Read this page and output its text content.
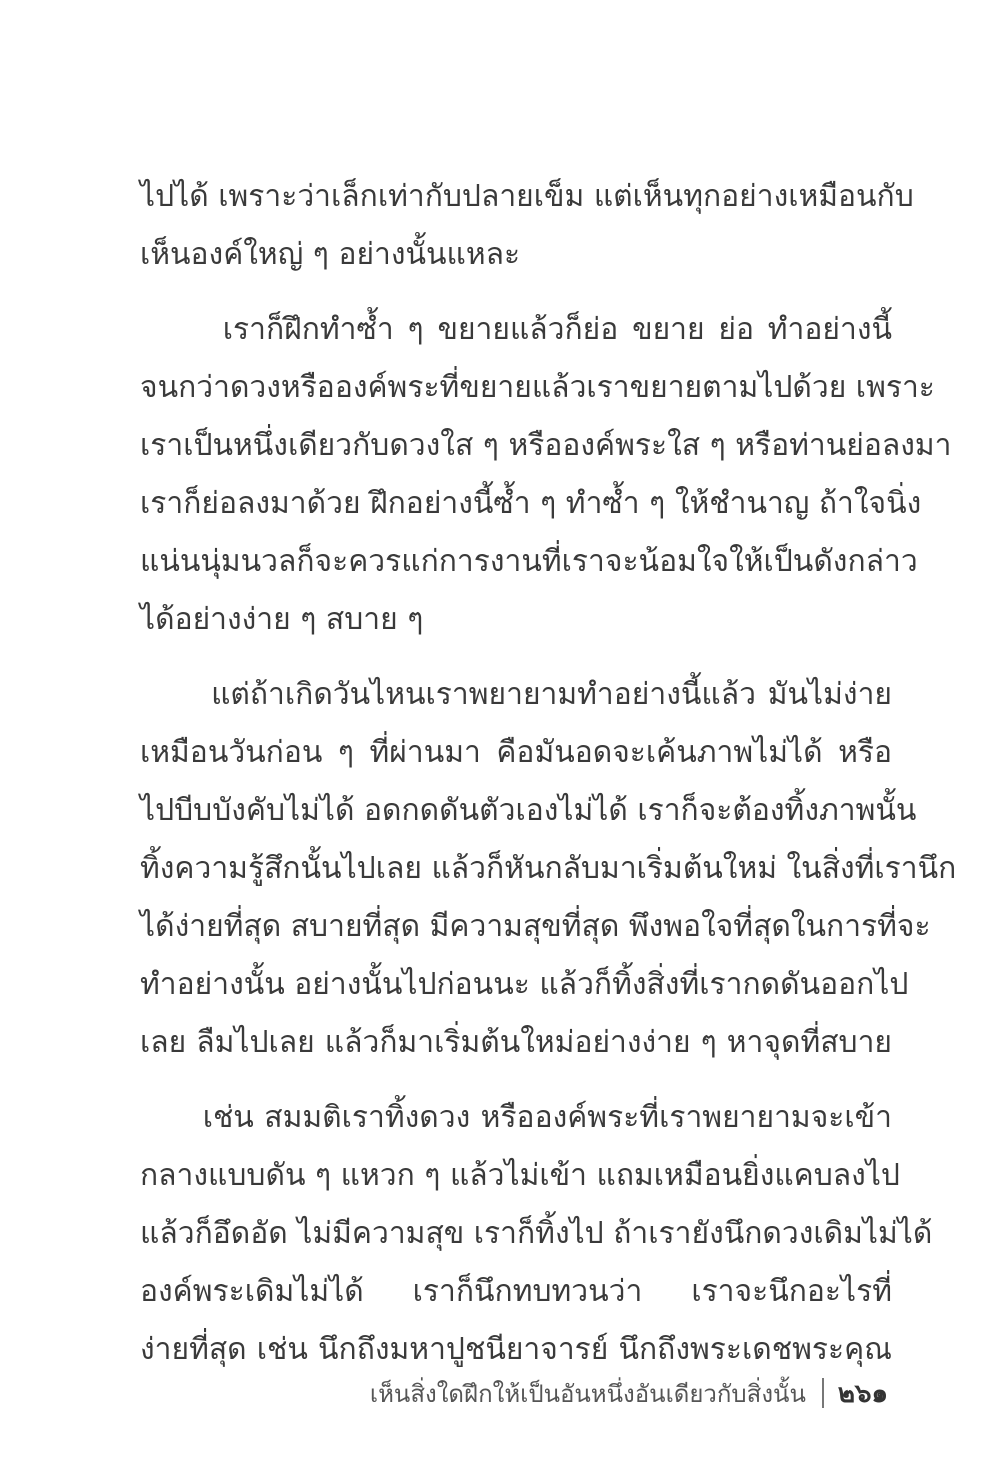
ไปได้ เพราะว่าเล็กเท่ากับปลายเข็ม แต่เห็นทุกอย่างเหมือนกับ
เห็นองค์ใหญ่ ๆ อย่างนั้นแหละ

เราก็ฝึกทำซ้ำ ๆ ขยายแล้วก็ย่อ ขยาย ย่อ ทำอย่างนี้
จนกว่าดวงหรือองค์พระที่ขยายแล้วเราขยายตามไปด้วย เพราะ
เราเป็นหนึ่งเดียวกับดวงใส ๆ หรือองค์พระใส ๆ หรือท่านย่อลงมา
เราก็ย่อลงมาด้วย ฝึกอย่างนี้ซ้ำ ๆ ทำซ้ำ ๆ ให้ชำนาญ ถ้าใจนิ่ง
แน่นนุ่มนวลก็จะควรแก่การงานที่เราจะน้อมใจให้เป็นดังกล่าว
ได้อย่างง่าย ๆ สบาย ๆ

แต่ถ้าเกิดวันไหนเราพยายามทำอย่างนี้แล้ว มันไม่ง่าย
เหมือนวันก่อน ๆ ที่ผ่านมา คือมันอดจะเค้นภาพไม่ได้ หรือ
ไปบีบบังคับไม่ได้ อดกดดันตัวเองไม่ได้ เราก็จะต้องทิ้งภาพนั้น
ทิ้งความรู้สึกนั้นไปเลย แล้วก็หันกลับมาเริ่มต้นใหม่ ในสิ่งที่เรานึก
ได้ง่ายที่สุด สบายที่สุด มีความสุขที่สุด พึงพอใจที่สุดในการที่จะ
ทำอย่างนั้น อย่างนั้นไปก่อนนะ แล้วก็ทิ้งสิ่งที่เรากดดันออกไป
เลย ลืมไปเลย แล้วก็มาเริ่มต้นใหม่อย่างง่าย ๆ หาจุดที่สบาย

เช่น สมมติเราทิ้งดวง หรือองค์พระที่เราพยายามจะเข้า
กลางแบบดัน ๆ แหวก ๆ แล้วไม่เข้า แถมเหมือนยิ่งแคบลงไป
แล้วก็อึดอัด ไม่มีความสุข เราก็ทิ้งไป ถ้าเรายังนึกดวงเดิมไม่ได้
องค์พระเดิมไม่ได้ เราก็นึกทบทวนว่า เราจะนึกอะไรที่
ง่ายที่สุด เช่น นึกถึงมหาปูชนียาจารย์ นึกถึงพระเดชพระคุณ

เห็นสิ่งใดฝึกให้เป็นอันหนึ่งอันเดียวกับสิ่งนั้น ๒๖๑
